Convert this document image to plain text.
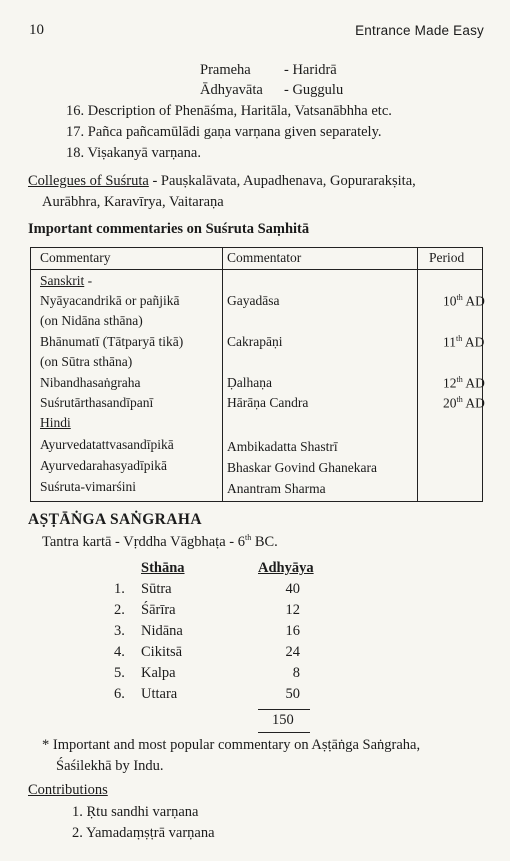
10	Entrance Made Easy
Prameha - Haridrā
Ādhyavāta - Guggulu
16. Description of Phenāśma, Haritāla, Vatsanābhha etc.
17. Pañca pañcamūlādi gaṇa varṇana given separately.
18. Viṣakanyā varṇana.
Collegues of Suśruta - Pauṣkalāvata, Aupadhenava, Gopurarakṣita,
Aurābhra, Karavīrya, Vaitaraṇa
Important commentaries on Suśruta Saṃhitā
Commentary	Commentator	Period
Sanskrit -
Nyāyacandrikā or pañjikā
(on Nidāna sthāna)
Gayadāsa	10th AD
Bhānumatī (Tātparyā tikā)
(on Sūtra sthāna)
Cakrapāṇi	11th AD
Nibandhasaṅgraha	Ḍalhaṇa	12th AD
Suśrutārthasandīpanī	Hārāṇa Candra	20th AD
Hindi
Ayurvedatattvasandīpikā	Ambikadatta Shastrī
Ayurvedarahasyadīpikā	Bhaskar Govind Ghanekara
Suśruta-vimarśini	Anantram Sharma
AṢṬĀṄGA SAṄGRAHA
Tantra kartā - Vṛddha Vāgbhaṭa - 6th BC.
Sthāna	Adhyāya
1. Sūtra	40
2. Śārīra	12
3. Nidāna	16
4. Cikitsā	24
5. Kalpa	8
6. Uttara	50
150
* Important and most popular commentary on Aṣṭāṅga Saṅgraha,
Śaśilekhā by Indu.
Contributions
1. Ṛtu sandhi varṇana
2. Yamadaṃṣṭrā varṇana
